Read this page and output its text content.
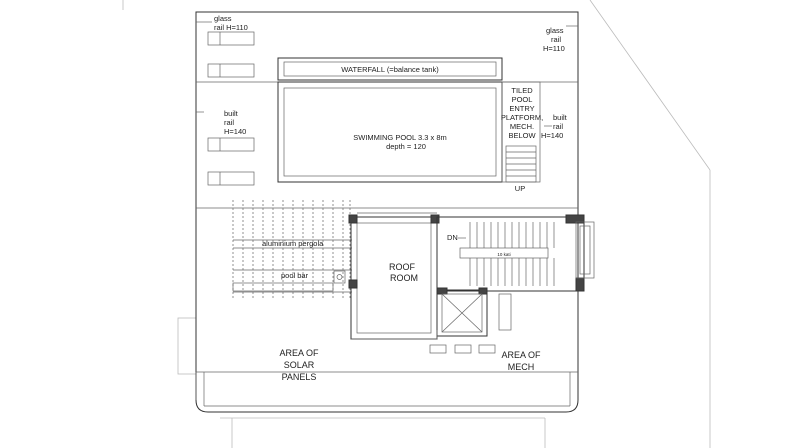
glass
rail H=110	glass
rail
H=110
built
rail
H=140
built
rail
H=140
WATERFALL (=balance tank)
SWIMMING POOL 3.3 x 8m
depth = 120
TILED
POOL
ENTRY
PLATFORM,
MECH.
BELOW
UP
aluminium pergola
pool bar
ROOF
ROOM
10 kati
DN
AREA OF
SOLAR
PANELS
AREA OF
MECH
